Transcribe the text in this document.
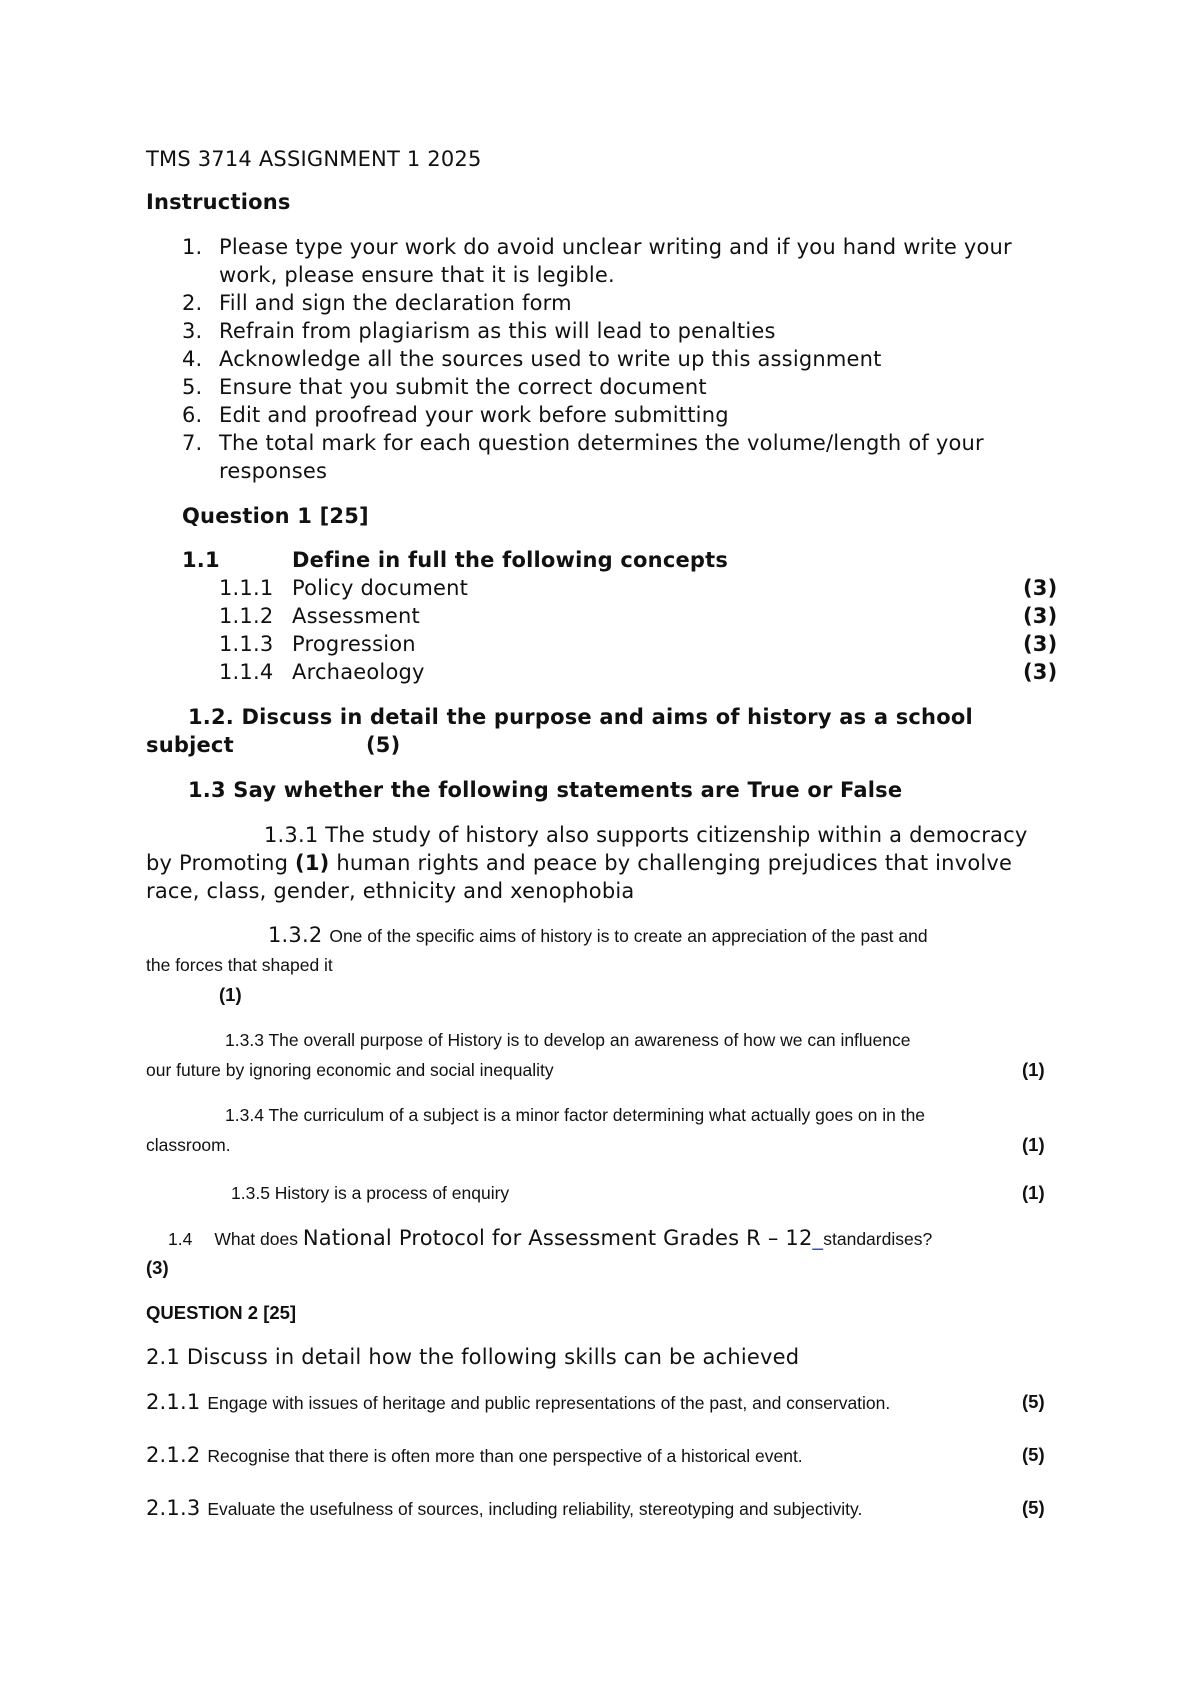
TMS 3714 ASSIGNMENT 1 2025
Instructions
1. Please type your work do avoid unclear writing and if you hand write your
work, please ensure that it is legible.
2. Fill and sign the declaration form
3. Refrain from plagiarism as this will lead to penalties
4. Acknowledge all the sources used to write up this assignment
5. Ensure that you submit the correct document
6. Edit and proofread your work before submitting
7. The total mark for each question determines the volume/length of your
responses
Question 1 [25]
1.1	Define in full the following concepts
1.1.1 Policy document	(3)
1.1.2 Assessment	(3)
1.1.3 Progression	(3)
1.1.4 Archaeology	(3)
1.2. Discuss in detail the purpose and aims of history as a school
subject	(5)
1.3 Say whether the following statements are True or False
1.3.1 The study of history also supports citizenship within a democracy
by Promoting (1) human rights and peace by challenging prejudices that involve
race, class, gender, ethnicity and xenophobia
1.3.2 One of the specific aims of history is to create an appreciation of the past and
the forces that shaped it
(1)
1.3.3 The overall purpose of History is to develop an awareness of how we can influence
our future by ignoring economic and social inequality	(1)
1.3.4 The curriculum of a subject is a minor factor determining what actually goes on in the
classroom.	(1)
1.3.5 History is a process of enquiry	(1)
1.4 What does National Protocol for Assessment Grades R – 12_standardises?
(3)
QUESTION 2 [25]
2.1 Discuss in detail how the following skills can be achieved
2.1.1 Engage with issues of heritage and public representations of the past, and conservation.	(5)
2.1.2 Recognise that there is often more than one perspective of a historical event.	(5)
2.1.3 Evaluate the usefulness of sources, including reliability, stereotyping and subjectivity.	(5)
